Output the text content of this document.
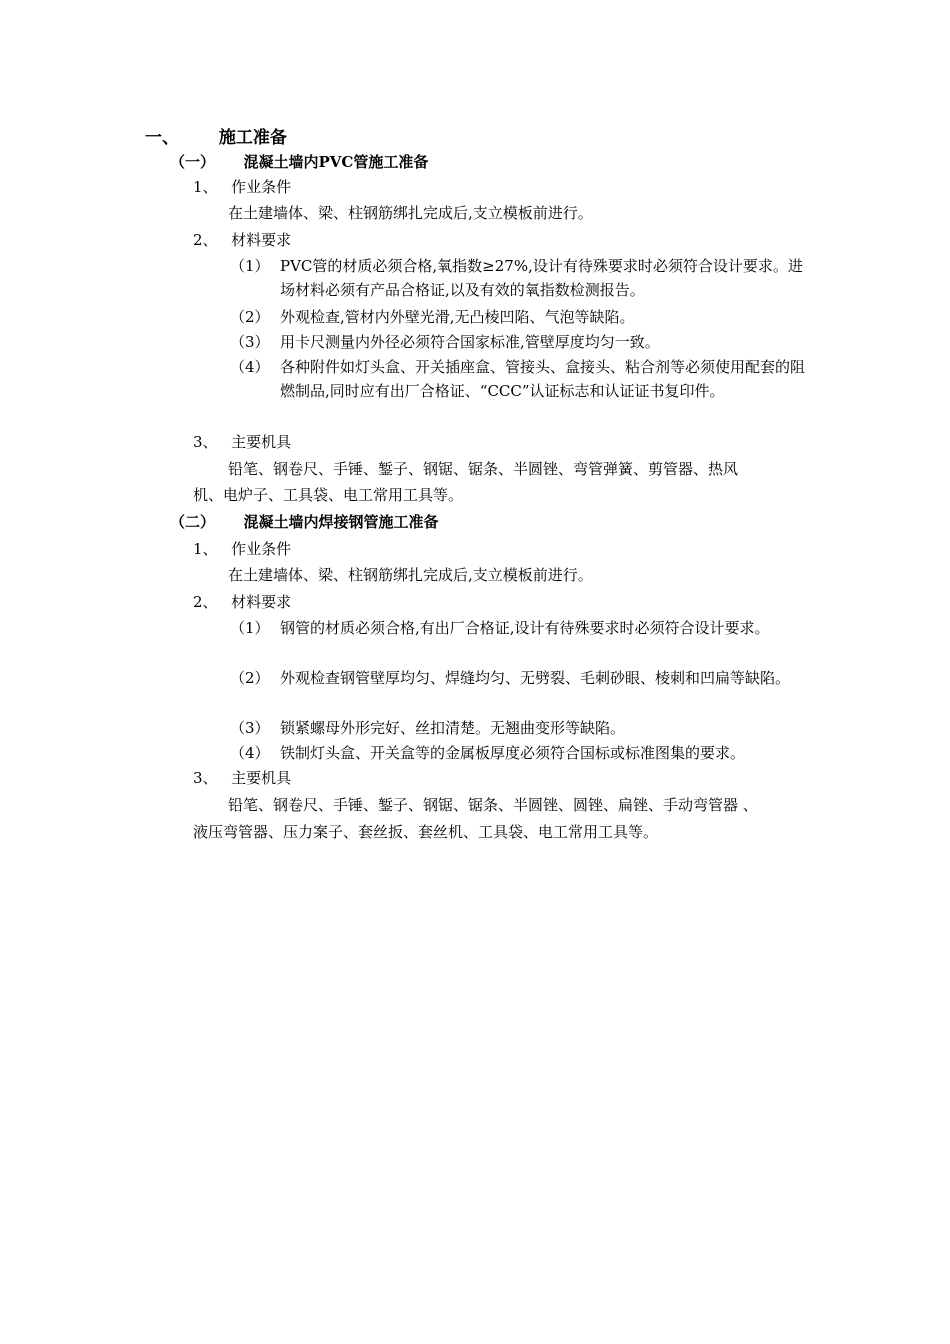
一、 施工准备
（一） 混凝土墙内PVC管施工准备
1、 作业条件
在土建墙体、梁、柱钢筋绑扎完成后,支立模板前进行。
2、 材料要求
（1） PVC管的材质必须合格,氧指数≥27%,设计有待殊要求时必须符合设计要求。进场材料必须有产品合格证,以及有效的氧指数检测报告。
（2） 外观检查,管材内外壁光滑,无凸棱凹陷、气泡等缺陷。
（3） 用卡尺测量内外径必须符合国家标准,管壁厚度均匀一致。
（4） 各种附件如灯头盒、开关插座盒、管接头、盒接头、粘合剂等必须使用配套的阻燃制品,同时应有出厂合格证、“CCC”认证标志和认证证书复印件。
3、 主要机具
铅笔、钢卷尺、手锤、錾子、钢锯、锯条、半圆锉、弯管弹簧、剪管器、热风
机、电炉子、工具袋、电工常用工具等。
（二） 混凝土墙内焊接钢管施工准备
1、 作业条件
在土建墙体、梁、柱钢筋绑扎完成后,支立模板前进行。
2、 材料要求
（1） 钢管的材质必须合格,有出厂合格证,设计有待殊要求时必须符合设计要求。
（2） 外观检查钢管壁厚均匀、焊缝均匀、无劈裂、毛刺砂眼、棱刺和凹扁等缺陷。
（3） 锁紧螺母外形完好、丝扣清楚。无翘曲变形等缺陷。
（4） 铁制灯头盒、开关盒等的金属板厚度必须符合国标或标准图集的要求。
3、 主要机具
铅笔、钢卷尺、手锤、錾子、钢锯、锯条、半圆锉、圆锉、扁锉、手动弯管器 、
液压弯管器、压力案子、套丝扳、套丝机、工具袋、电工常用工具等。
